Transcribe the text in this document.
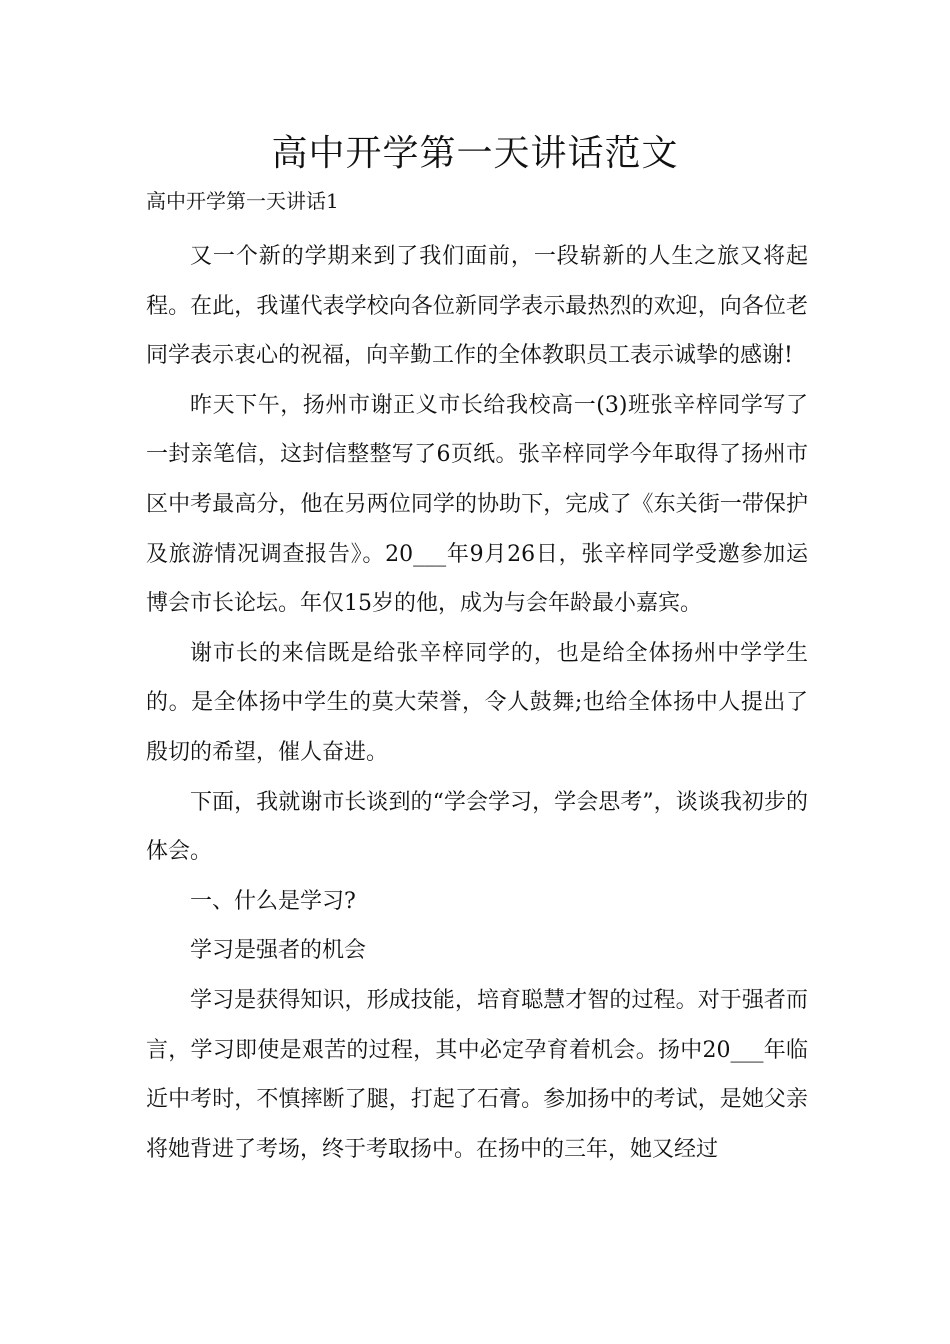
高中开学第一天讲话范文

高中开学第一天讲话1

又一个新的学期来到了我们面前，一段崭新的人生之旅又将起程。在此，我谨代表学校向各位新同学表示最热烈的欢迎，向各位老同学表示衷心的祝福，向辛勤工作的全体教职员工表示诚挚的感谢!

昨天下午，扬州市谢正义市长给我校高一(3)班张辛梓同学写了一封亲笔信，这封信整整写了6页纸。张辛梓同学今年取得了扬州市区中考最高分，他在另两位同学的协助下，完成了《东关街一带保护及旅游情况调查报告》。20___年9月26日，张辛梓同学受邀参加运博会市长论坛。年仅15岁的他，成为与会年龄最小嘉宾。

谢市长的来信既是给张辛梓同学的，也是给全体扬州中学学生的。是全体扬中学生的莫大荣誉，令人鼓舞;也给全体扬中人提出了殷切的希望，催人奋进。

下面，我就谢市长谈到的“学会学习，学会思考”，谈谈我初步的体会。

一、什么是学习?

学习是强者的机会

学习是获得知识，形成技能，培育聪慧才智的过程。对于强者而言，学习即使是艰苦的过程，其中必定孕育着机会。扬中20___年临近中考时，不慎摔断了腿，打起了石膏。参加扬中的考试，是她父亲将她背进了考场，终于考取扬中。在扬中的三年，她又经过
